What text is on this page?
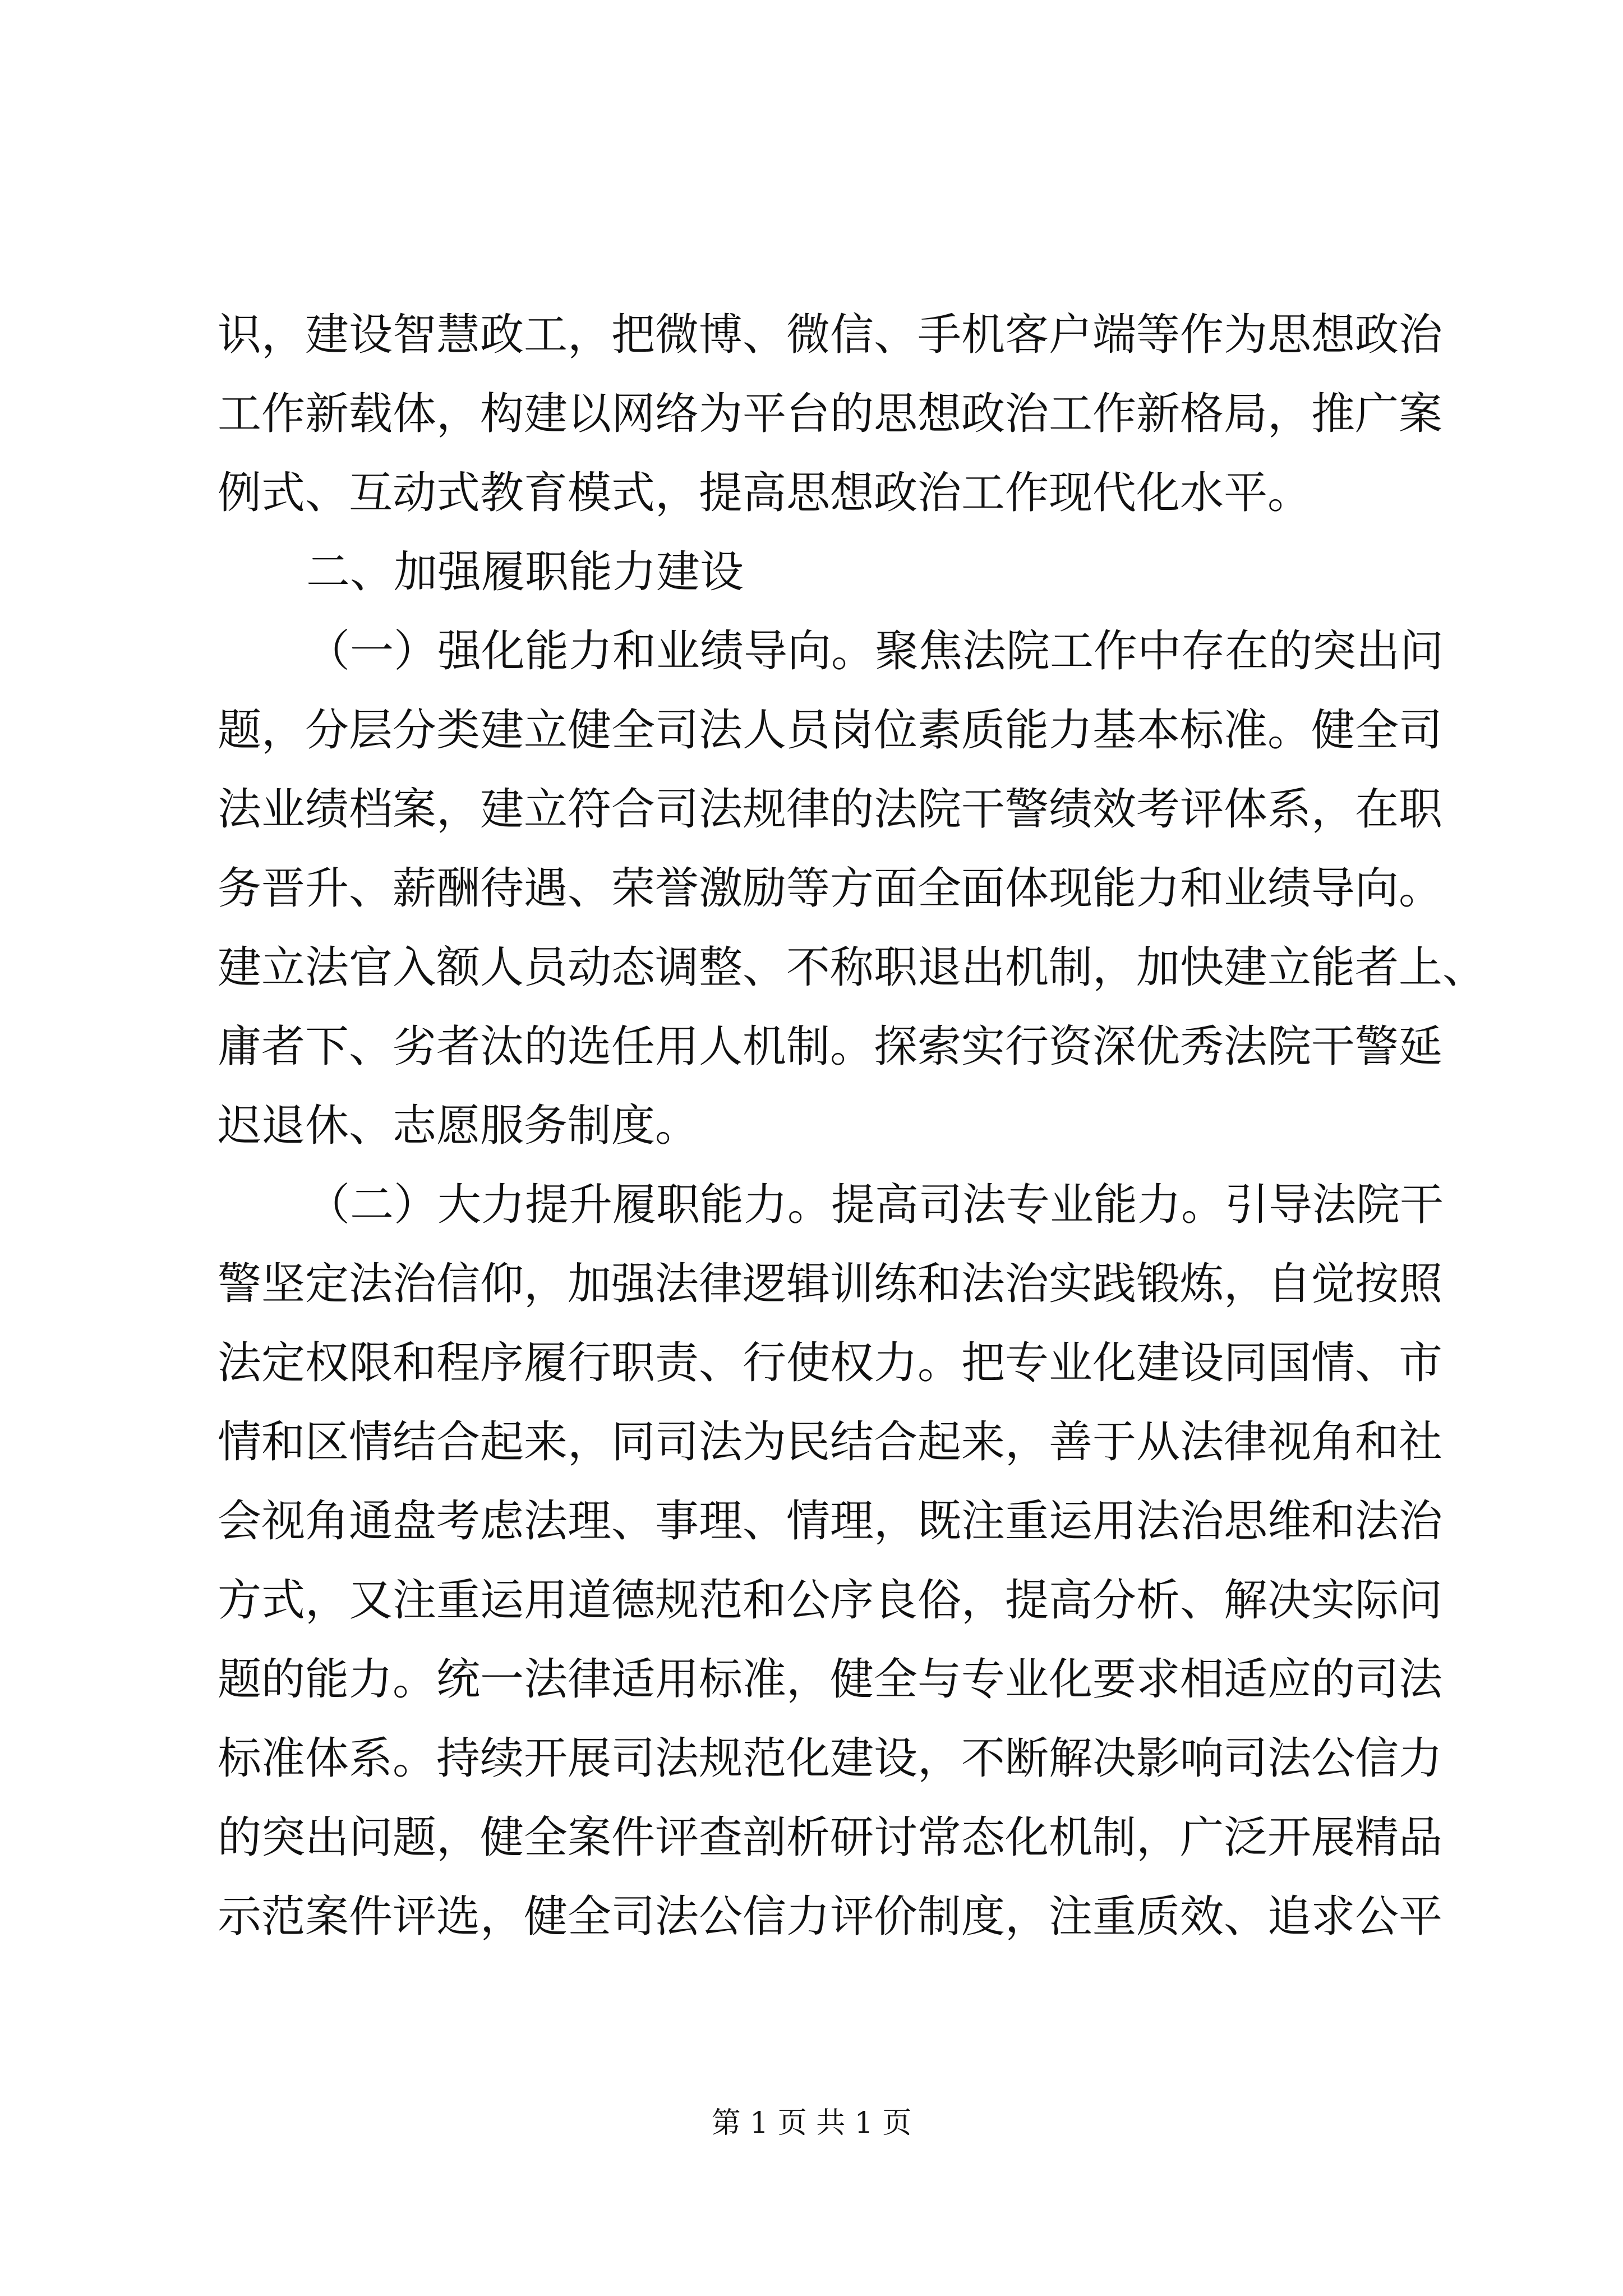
识，建设智慧政工，把微博、微信、手机客户端等作为思想政治
工作新载体，构建以网络为平台的思想政治工作新格局，推广案
例式、互动式教育模式，提高思想政治工作现代化水平。
二、加强履职能力建设
（一）强化能力和业绩导向。聚焦法院工作中存在的突出问
题，分层分类建立健全司法人员岗位素质能力基本标准。健全司
法业绩档案，建立符合司法规律的法院干警绩效考评体系，在职
务晋升、薪酬待遇、荣誉激励等方面全面体现能力和业绩导向。
建立法官入额人员动态调整、不称职退出机制，加快建立能者上、
庸者下、劣者汰的选任用人机制。探索实行资深优秀法院干警延
迟退休、志愿服务制度。
（二）大力提升履职能力。提高司法专业能力。引导法院干
警坚定法治信仰，加强法律逻辑训练和法治实践锻炼，自觉按照
法定权限和程序履行职责、行使权力。把专业化建设同国情、市
情和区情结合起来，同司法为民结合起来，善于从法律视角和社
会视角通盘考虑法理、事理、情理，既注重运用法治思维和法治
方式，又注重运用道德规范和公序良俗，提高分析、解决实际问
题的能力。统一法律适用标准，健全与专业化要求相适应的司法
标准体系。持续开展司法规范化建设，不断解决影响司法公信力
的突出问题，健全案件评查剖析研讨常态化机制，广泛开展精品
示范案件评选，健全司法公信力评价制度，注重质效、追求公平
第 1 页 共 1 页
